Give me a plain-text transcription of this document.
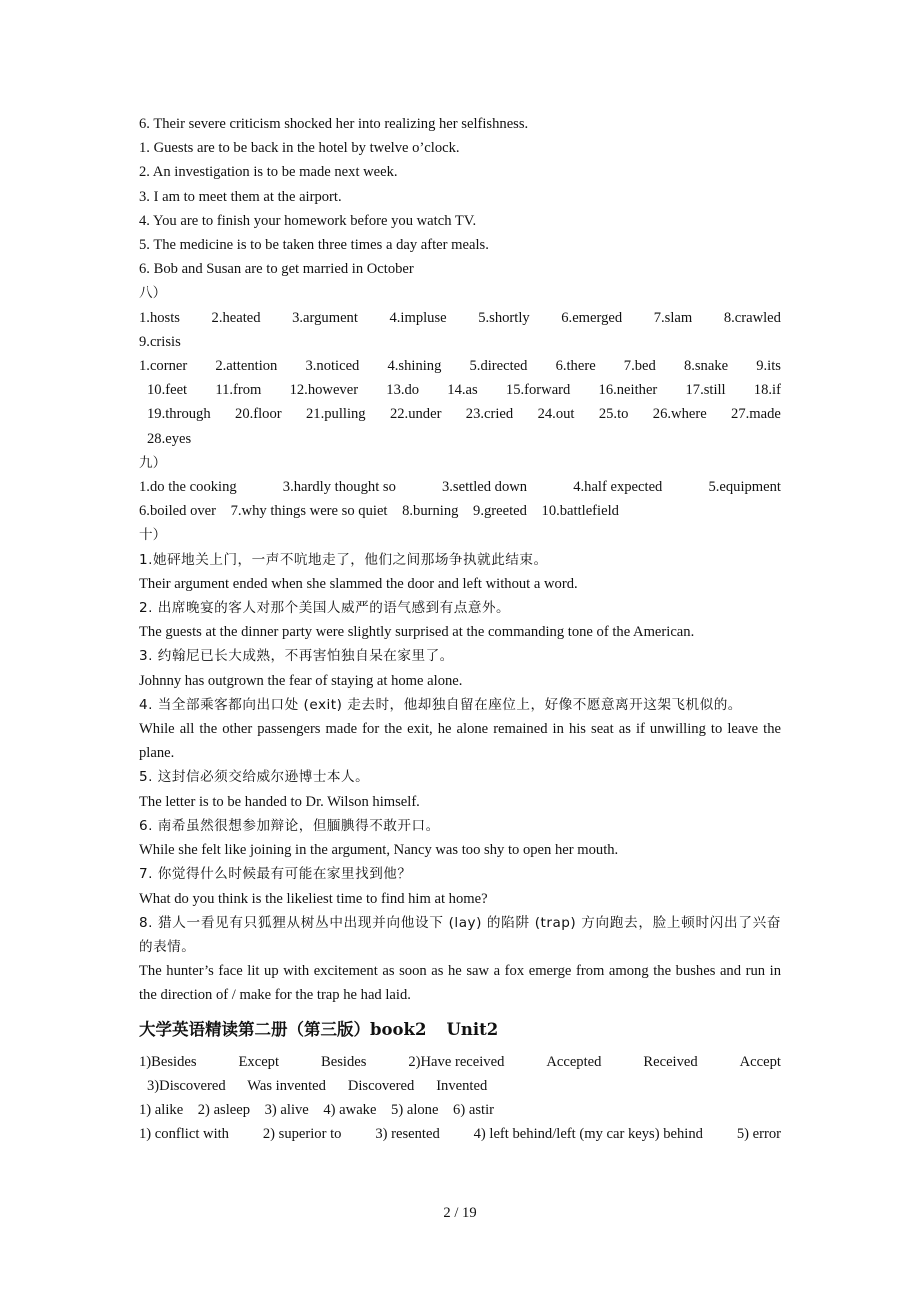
6. Their severe criticism shocked her into realizing her selfishness.
1. Guests are to be back in the hotel by twelve o’clock.
2. An investigation is to be made next week.
3. I am to meet them at the airport.
4. You are to finish your homework before you watch TV.
5. The medicine is to be taken three times a day after meals.
6. Bob and Susan are to get married in October
八）
1.hosts 2.heated 3.argument 4.impluse 5.shortly 6.emerged 7.slam 8.crawled
9.crisis
1.corner 2.attention 3.noticed 4.shining 5.directed 6.there 7.bed 8.snake 9.its
10.feet 11.from 12.however 13.do 14.as 15.forward 16.neither 17.still 18.if
19.through 20.floor 21.pulling 22.under 23.cried 24.out 25.to 26.where 27.made
28.eyes
九）
1.do the cooking	3.hardly thought so	3.settled down	4.half expected	5.equipment
6.boiled over 7.why things were so quiet 8.burning 9.greeted 10.battlefield
十）
1.她砰地关上门，一声不吭地走了，他们之间那场争执就此结束。
Their argument ended when she slammed the door and left without a word.
2. 出席晚宴的客人对那个美国人威严的语气感到有点意外。
The guests at the dinner party were slightly surprised at the commanding tone of the American.
3. 约翰尼已长大成熟，不再害怕独自呆在家里了。
Johnny has outgrown the fear of staying at home alone.
4. 当全部乘客都向出口处 (exit) 走去时，他却独自留在座位上，好像不愿意离开这架飞机似的。
While all the other passengers made for the exit, he alone remained in his seat as if unwilling to leave the plane.
5. 这封信必须交给威尔逊博士本人。
The letter is to be handed to Dr. Wilson himself.
6. 南希虽然很想参加辩论，但腼腆得不敢开口。
While she felt like joining in the argument, Nancy was too shy to open her mouth.
7. 你觉得什么时候最有可能在家里找到他？
What do you think is the likeliest time to find him at home?
8. 猎人一看见有只狐狸从树丛中出现并向他设下 (lay) 的陷阱 (trap) 方向跑去，脸上顿时闪出了兴奋的表情。
The hunter’s face lit up with excitement as soon as he saw a fox emerge from among the bushes and run in the direction of / make for the trap he had laid.
大学英语精读第二册（第三版）book2 Unit2
1)Besides	Except	Besides	2)Have received	Accepted	Received	Accept
3)Discovered Was invented Discovered Invented
1) alike    2) asleep    3) alive    4) awake    5) alone    6) astir
1) conflict with 2) superior to 3) resented 4) left behind/left (my car keys) behind 5) error
2 / 19
